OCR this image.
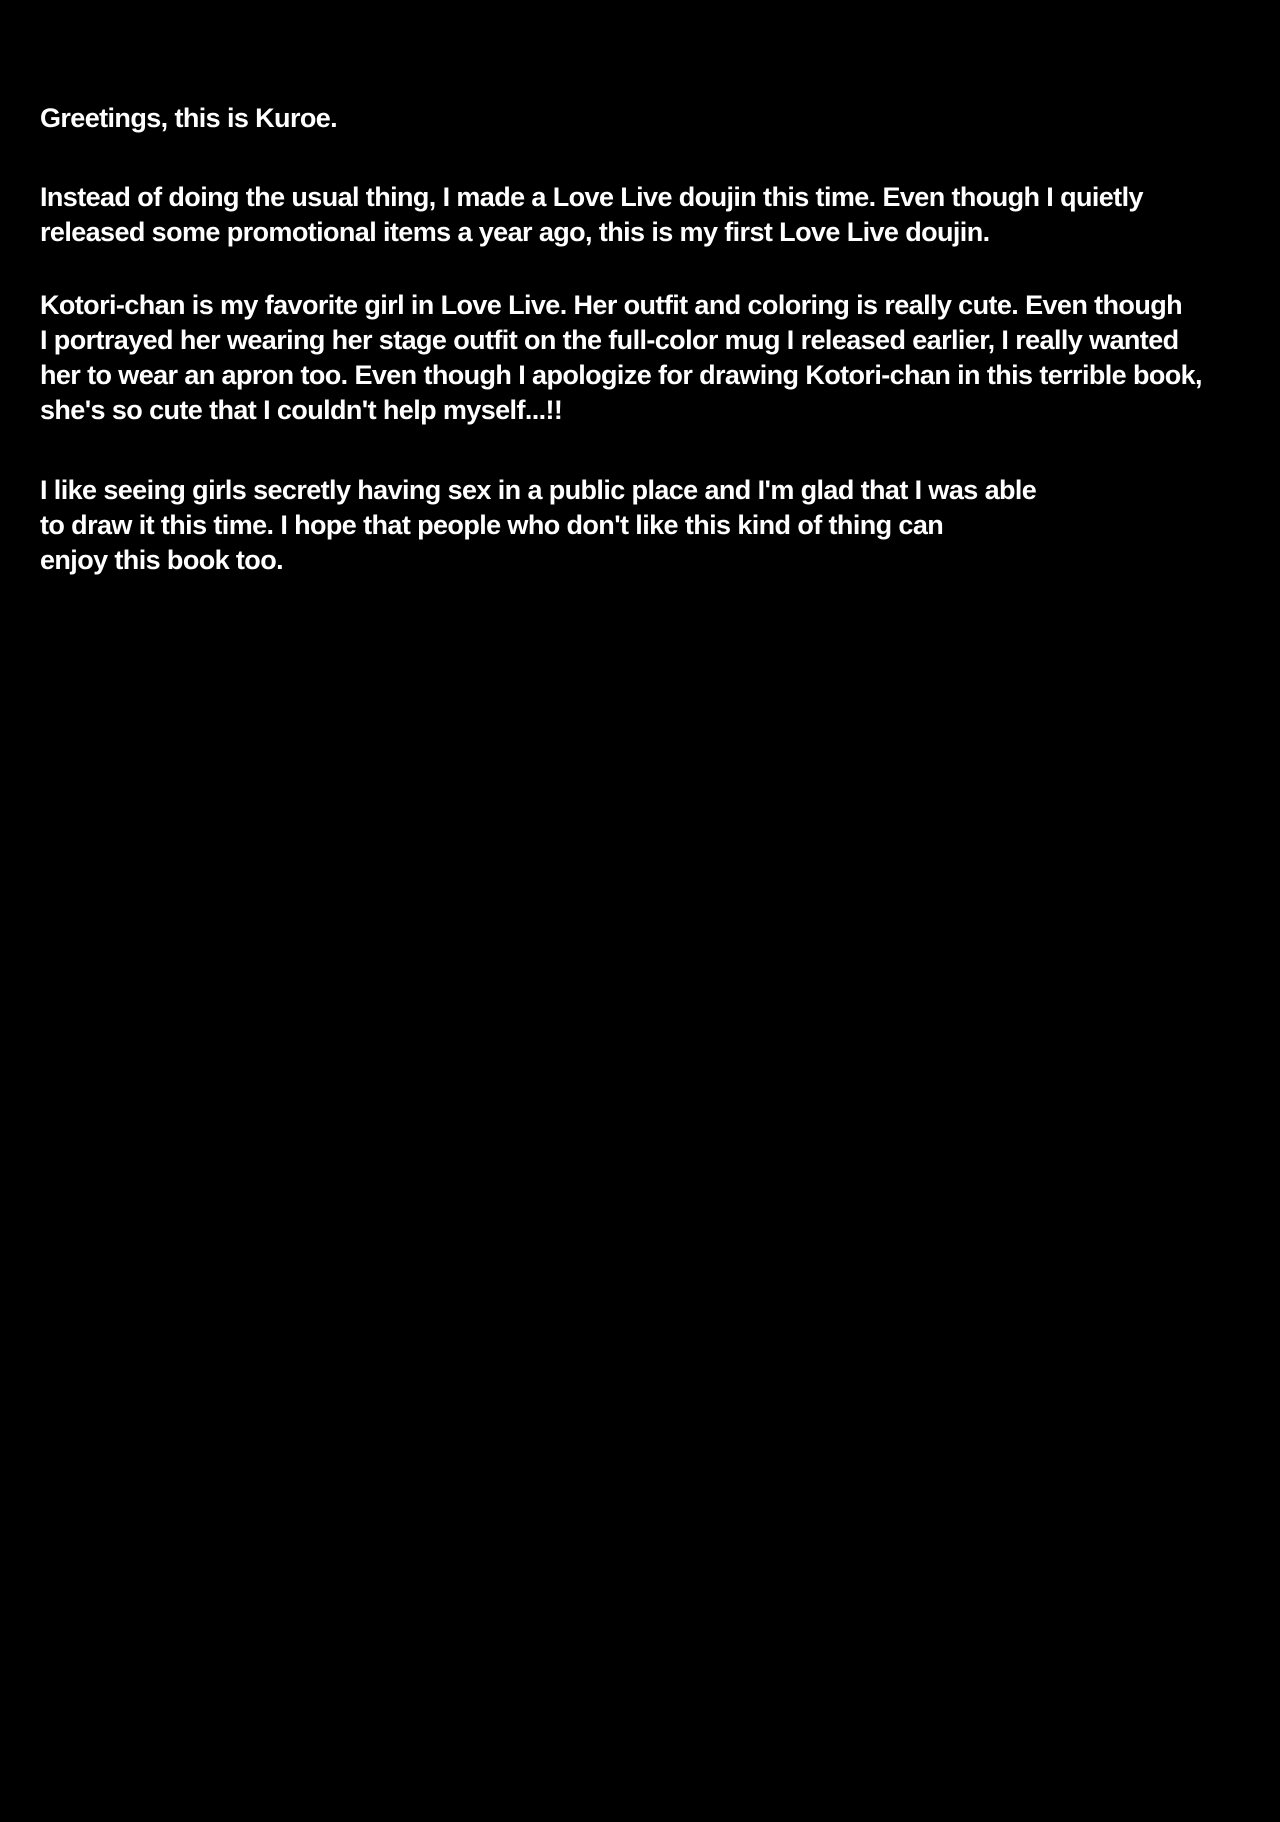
Greetings, this is Kuroe.
Instead of doing the usual thing, I made a Love Live doujin this time. Even though I quietly
released some promotional items a year ago, this is my first Love Live doujin.
Kotori-chan is my favorite girl in Love Live. Her outfit and coloring is really cute. Even though
I portrayed her wearing her stage outfit on the full-color mug I released earlier, I really wanted
her to wear an apron too. Even though I apologize for drawing Kotori-chan in this terrible book,
she's so cute that I couldn't help myself...!!
I like seeing girls secretly having sex in a public place and I'm glad that I was able
to draw it this time. I hope that people who don't like this kind of thing can
enjoy this book too.
